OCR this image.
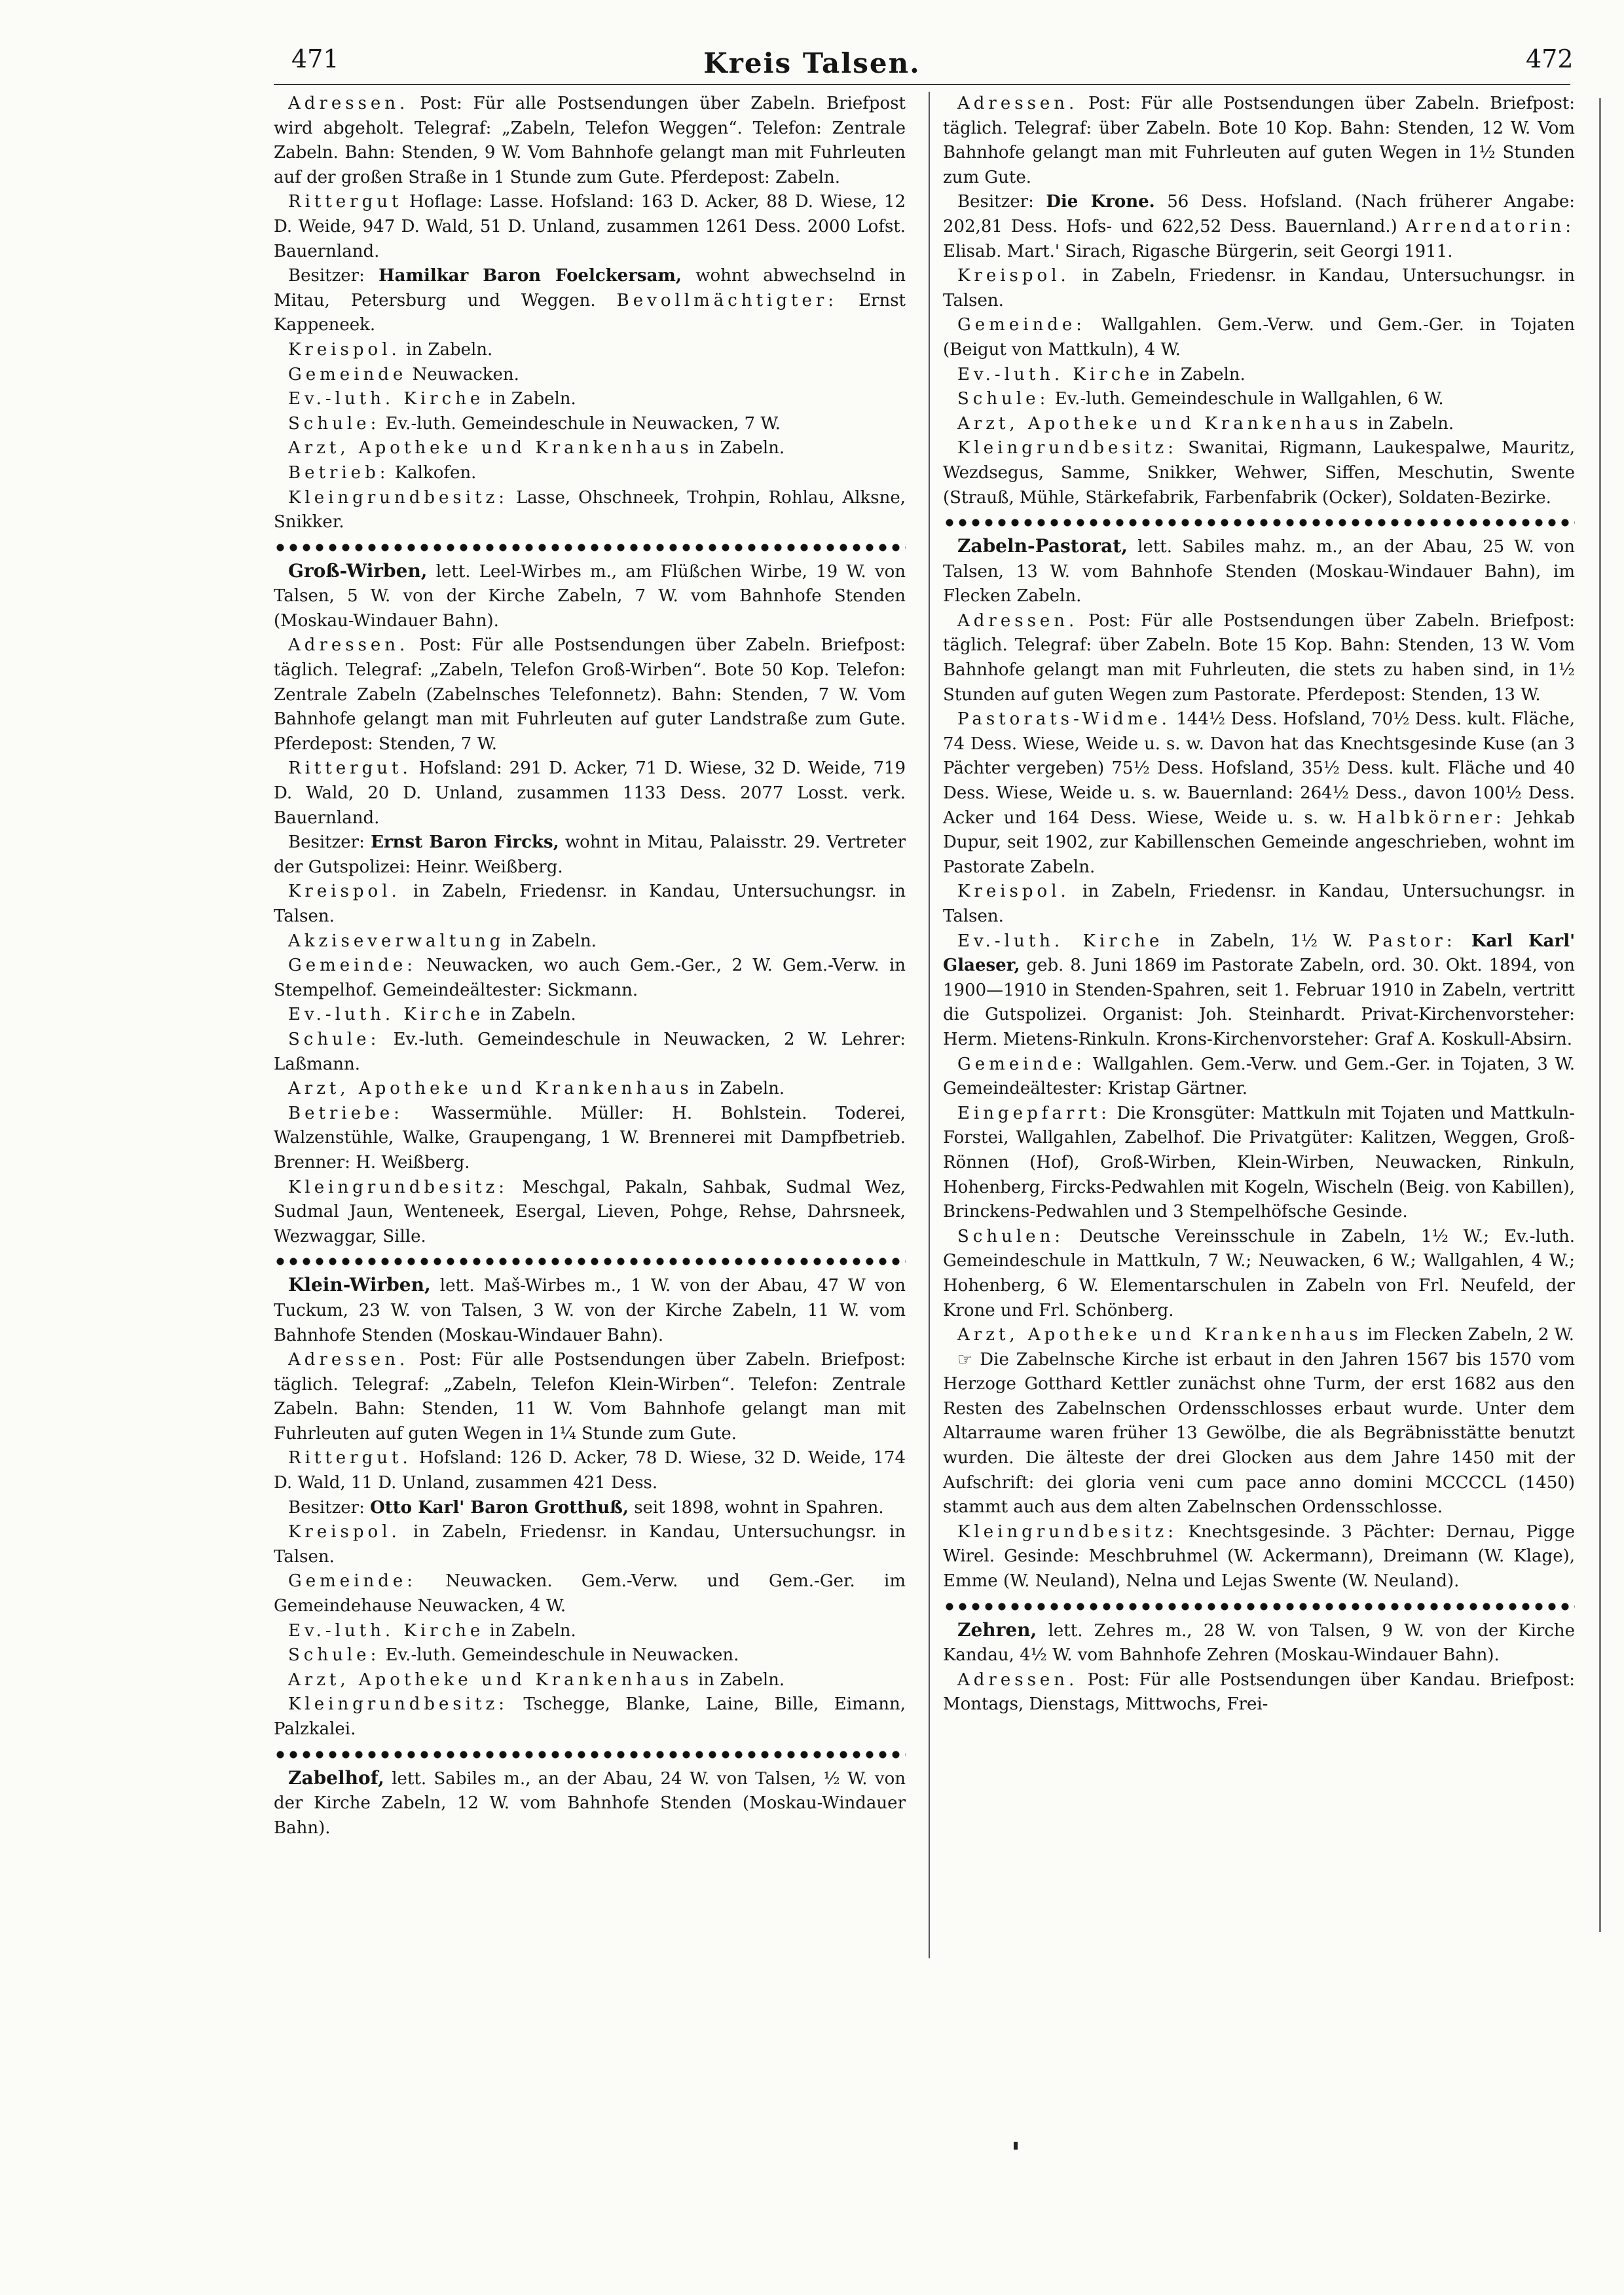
471	Kreis Talsen.	472

Adressen. Post: Für alle Postsendungen über Zabeln. Briefpost wird abgeholt. Telegraf: „Zabeln, Telefon Weggen“. Telefon: Zentrale Zabeln. Bahn: Stenden, 9 W. Vom Bahnhofe gelangt man mit Fuhrleuten auf der großen Straße in 1 Stunde zum Gute. Pferdepost: Zabeln.

Rittergut Hoflage: Lasse. Hofsland: 163 D. Acker, 88 D. Wiese, 12 D. Weide, 947 D. Wald, 51 D. Unland, zusammen 1261 Dess. 2000 Lofst. Bauernland.

Besitzer: Hamilkar Baron Foelckersam, wohnt abwechselnd in Mitau, Petersburg und Weggen. Bevollmächtigter: Ernst Kappeneek.

Kreispol. in Zabeln.

Gemeinde Neuwacken.

Ev.-luth. Kirche in Zabeln.

Schule: Ev.-luth. Gemeindeschule in Neuwacken, 7 W.

Arzt, Apotheke und Krankenhaus in Zabeln.

Betrieb: Kalkofen.

Kleingrundbesitz: Lasse, Ohschneek, Trohpin, Rohlau, Alksne, Snikker.

Groß-Wirben, lett. Leel-Wirbes m., am Flüßchen Wirbe, 19 W. von Talsen, 5 W. von der Kirche Zabeln, 7 W. vom Bahnhofe Stenden (Moskau-Windauer Bahn).

Adressen. Post: Für alle Postsendungen über Zabeln. Briefpost: täglich. Telegraf: „Zabeln, Telefon Groß-Wirben“. Bote 50 Kop. Telefon: Zentrale Zabeln (Zabelnsches Telefonnetz). Bahn: Stenden, 7 W. Vom Bahnhofe gelangt man mit Fuhrleuten auf guter Landstraße zum Gute. Pferdepost: Stenden, 7 W.

Rittergut. Hofsland: 291 D. Acker, 71 D. Wiese, 32 D. Weide, 719 D. Wald, 20 D. Unland, zusammen 1133 Dess. 2077 Losst. verk. Bauernland.

Besitzer: Ernst Baron Fircks, wohnt in Mitau, Palaisstr. 29. Vertreter der Gutspolizei: Heinr. Weißberg.

Kreispol. in Zabeln, Friedensr. in Kandau, Untersuchungsr. in Talsen.

Akziseverwaltung in Zabeln.

Gemeinde: Neuwacken, wo auch Gem.-Ger., 2 W. Gem.-Verw. in Stempelhof. Gemeindeältester: Sickmann.

Ev.-luth. Kirche in Zabeln.

Schule: Ev.-luth. Gemeindeschule in Neuwacken, 2 W. Lehrer: Laßmann.

Arzt, Apotheke und Krankenhaus in Zabeln.

Betriebe: Wassermühle. Müller: H. Bohlstein. Toderei, Walzenstühle, Walke, Graupengang, 1 W. Brennerei mit Dampfbetrieb. Brenner: H. Weißberg.

Kleingrundbesitz: Meschgal, Pakaln, Sahbak, Sudmal Wez, Sudmal Jaun, Wenteneek, Esergal, Lieven, Pohge, Rehse, Dahrsneek, Wezwaggar, Sille.

Klein-Wirben, lett. Maš-Wirbes m., 1 W. von der Abau, 47 W von Tuckum, 23 W. von Talsen, 3 W. von der Kirche Zabeln, 11 W. vom Bahnhofe Stenden (Moskau-Windauer Bahn).

Adressen. Post: Für alle Postsendungen über Zabeln. Briefpost: täglich. Telegraf: „Zabeln, Telefon Klein-Wirben“. Telefon: Zentrale Zabeln. Bahn: Stenden, 11 W. Vom Bahnhofe gelangt man mit Fuhrleuten auf guten Wegen in 1¼ Stunde zum Gute.

Rittergut. Hofsland: 126 D. Acker, 78 D. Wiese, 32 D. Weide, 174 D. Wald, 11 D. Unland, zusammen 421 Dess.

Besitzer: Otto Karl' Baron Grotthuß, seit 1898, wohnt in Spahren.

Kreispol. in Zabeln, Friedensr. in Kandau, Untersuchungsr. in Talsen.

Gemeinde: Neuwacken. Gem.-Verw. und Gem.-Ger. im Gemeindehause Neuwacken, 4 W.

Ev.-luth. Kirche in Zabeln.

Schule: Ev.-luth. Gemeindeschule in Neuwacken.

Arzt, Apotheke und Krankenhaus in Zabeln.

Kleingrundbesitz: Tschegge, Blanke, Laine, Bille, Eimann, Palzkalei.

Zabelhof, lett. Sabiles m., an der Abau, 24 W. von Talsen, ½ W. von der Kirche Zabeln, 12 W. vom Bahnhofe Stenden (Moskau-Windauer Bahn).

Adressen. Post: Für alle Postsendungen über Zabeln. Briefpost: täglich. Telegraf: über Zabeln. Bote 10 Kop. Bahn: Stenden, 12 W. Vom Bahnhofe gelangt man mit Fuhrleuten auf guten Wegen in 1½ Stunden zum Gute.

Besitzer: Die Krone. 56 Dess. Hofsland. (Nach früherer Angabe: 202,81 Dess. Hofs- und 622,52 Dess. Bauernland.) Arrendatorin: Elisab. Mart.' Sirach, Rigasche Bürgerin, seit Georgi 1911.

Kreispol. in Zabeln, Friedensr. in Kandau, Untersuchungsr. in Talsen.

Gemeinde: Wallgahlen. Gem.-Verw. und Gem.-Ger. in Tojaten (Beigut von Mattkuln), 4 W.

Ev.-luth. Kirche in Zabeln.

Schule: Ev.-luth. Gemeindeschule in Wallgahlen, 6 W.

Arzt, Apotheke und Krankenhaus in Zabeln.

Kleingrundbesitz: Swanitai, Rigmann, Laukespalwe, Mauritz, Wezdsegus, Samme, Snikker, Wehwer, Siffen, Meschutin, Swente (Strauß, Mühle, Stärkefabrik, Farbenfabrik (Ocker), Soldaten-Bezirke.

Zabeln-Pastorat, lett. Sabiles mahz. m., an der Abau, 25 W. von Talsen, 13 W. vom Bahnhofe Stenden (Moskau-Windauer Bahn), im Flecken Zabeln.

Adressen. Post: Für alle Postsendungen über Zabeln. Briefpost: täglich. Telegraf: über Zabeln. Bote 15 Kop. Bahn: Stenden, 13 W. Vom Bahnhofe gelangt man mit Fuhrleuten, die stets zu haben sind, in 1½ Stunden auf guten Wegen zum Pastorate. Pferdepost: Stenden, 13 W.

Pastorats-Widme. 144½ Dess. Hofsland, 70½ Dess. kult. Fläche, 74 Dess. Wiese, Weide u. s. w. Davon hat das Knechtsgesinde Kuse (an 3 Pächter vergeben) 75½ Dess. Hofsland, 35½ Dess. kult. Fläche und 40 Dess. Wiese, Weide u. s. w. Bauernland: 264½ Dess., davon 100½ Dess. Acker und 164 Dess. Wiese, Weide u. s. w. Halbkörner: Jehkab Dupur, seit 1902, zur Kabillenschen Gemeinde angeschrieben, wohnt im Pastorate Zabeln.

Kreispol. in Zabeln, Friedensr. in Kandau, Untersuchungsr. in Talsen.

Ev.-luth. Kirche in Zabeln, 1½ W. Pastor: Karl Karl' Glaeser, geb. 8. Juni 1869 im Pastorate Zabeln, ord. 30. Okt. 1894, von 1900—1910 in Stenden-Spahren, seit 1. Februar 1910 in Zabeln, vertritt die Gutspolizei. Organist: Joh. Steinhardt. Privat-Kirchenvorsteher: Herm. Mietens-Rinkuln. Krons-Kirchenvorsteher: Graf A. Koskull-Absirn.

Gemeinde: Wallgahlen. Gem.-Verw. und Gem.-Ger. in Tojaten, 3 W. Gemeindeältester: Kristap Gärtner.

Eingepfarrt: Die Kronsgüter: Mattkuln mit Tojaten und Mattkuln-Forstei, Wallgahlen, Zabelhof. Die Privatgüter: Kalitzen, Weggen, Groß-Rönnen (Hof), Groß-Wirben, Klein-Wirben, Neuwacken, Rinkuln, Hohenberg, Fircks-Pedwahlen mit Kogeln, Wischeln (Beig. von Kabillen), Brinckens-Pedwahlen und 3 Stempelhöfsche Gesinde.

Schulen: Deutsche Vereinsschule in Zabeln, 1½ W.; Ev.-luth. Gemeindeschule in Mattkuln, 7 W.; Neuwacken, 6 W.; Wallgahlen, 4 W.; Hohenberg, 6 W. Elementarschulen in Zabeln von Frl. Neufeld, der Krone und Frl. Schönberg.

Arzt, Apotheke und Krankenhaus im Flecken Zabeln, 2 W.

☞ Die Zabelnsche Kirche ist erbaut in den Jahren 1567 bis 1570 vom Herzoge Gotthard Kettler zunächst ohne Turm, der erst 1682 aus den Resten des Zabelnschen Ordensschlosses erbaut wurde. Unter dem Altarraume waren früher 13 Gewölbe, die als Begräbnisstätte benutzt wurden. Die älteste der drei Glocken aus dem Jahre 1450 mit der Aufschrift: dei gloria veni cum pace anno domini MCCCCL (1450) stammt auch aus dem alten Zabelnschen Ordensschlosse.

Kleingrundbesitz: Knechtsgesinde. 3 Pächter: Dernau, Pigge Wirel. Gesinde: Meschbruhmel (W. Ackermann), Dreimann (W. Klage), Emme (W. Neuland), Nelna und Lejas Swente (W. Neuland).

Zehren, lett. Zehres m., 28 W. von Talsen, 9 W. von der Kirche Kandau, 4½ W. vom Bahnhofe Zehren (Moskau-Windauer Bahn).

Adressen. Post: Für alle Postsendungen über Kandau. Briefpost: Montags, Dienstags, Mittwochs, Frei-
